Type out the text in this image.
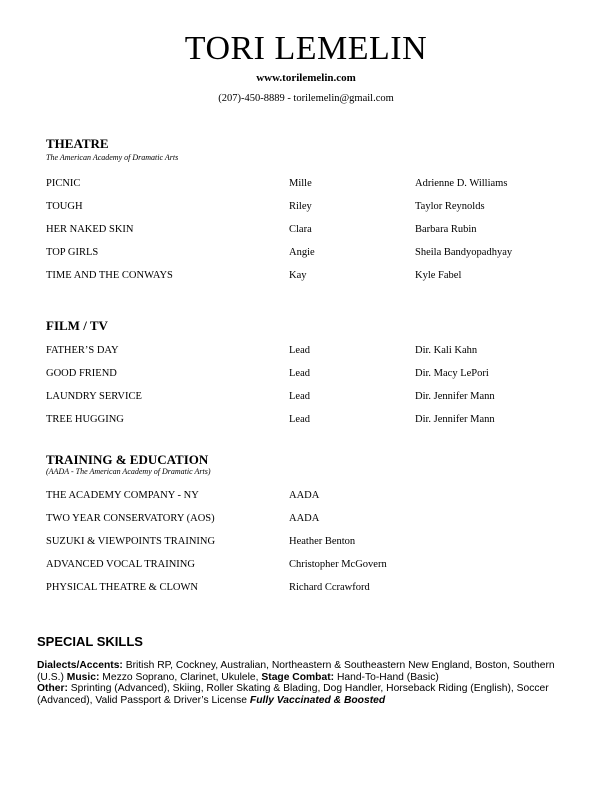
TORI LEMELIN
www.torilemelin.com
(207)-450-8889 - torilemelin@gmail.com
THEATRE
The American Academy of Dramatic Arts
PICNIC	Mille	Adrienne D. Williams
TOUGH	Riley	Taylor Reynolds
HER NAKED SKIN	Clara	Barbara Rubin
TOP GIRLS	Angie	Sheila Bandyopadhyay
TIME AND THE CONWAYS	Kay	Kyle Fabel
FILM / TV
FATHER’S DAY	Lead	Dir. Kali Kahn
GOOD FRIEND	Lead	Dir. Macy LePori
LAUNDRY SERVICE	Lead	Dir. Jennifer Mann
TREE HUGGING	Lead	Dir. Jennifer Mann
TRAINING & EDUCATION
(AADA - The American Academy of Dramatic Arts)
THE ACADEMY COMPANY - NY	AADA
TWO YEAR CONSERVATORY (AOS)	AADA
SUZUKI & VIEWPOINTS TRAINING	Heather Benton
ADVANCED VOCAL TRAINING	Christopher McGovern
PHYSICAL THEATRE & CLOWN	Richard Ccrawford
SPECIAL SKILLS
Dialects/Accents: British RP, Cockney, Australian, Northeastern & Southeastern New England, Boston, Southern (U.S.) Music: Mezzo Soprano, Clarinet, Ukulele, Stage Combat: Hand-To-Hand (Basic)
Other: Sprinting (Advanced), Skiing, Roller Skating & Blading, Dog Handler, Horseback Riding (English), Soccer (Advanced), Valid Passport & Driver’s License Fully Vaccinated & Boosted
